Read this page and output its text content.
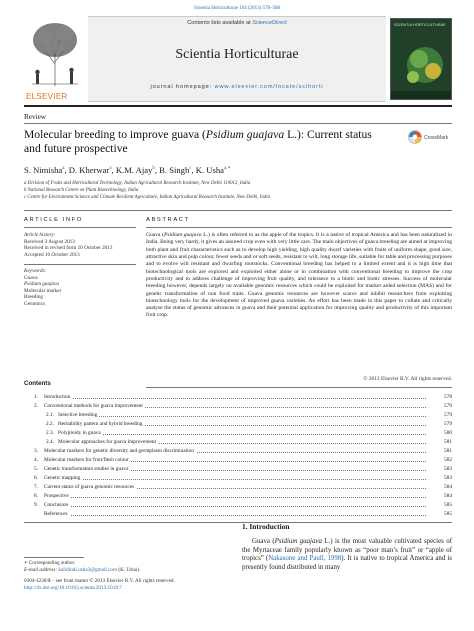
Scientia Horticulturae 164 (2013) 578–588
ELSEVIER
Contents lists available at ScienceDirect
Scientia Horticulturae
journal homepage: www.elsevier.com/locate/scihorti
SCIENTIA HORTICULTURAE
Review
Molecular breeding to improve guava (Psidium guajava L.): Current status and future prospective
CrossMark
S. Nimisha$^a$, D. Kherwar$^a$, K.M. Ajay$^b$, B. Singh$^c$, K. Usha$^{a,∗}$
a Division of Fruits and Horticultural Technology, Indian Agricultural Research Institute, New Delhi 110012, India
b National Research Centre on Plant Biotechnology, India
c Centre for Environment Science and Climate Resilient Agriculture, Indian Agricultural Research Institute, New Delhi, India
ARTICLE INFO	ABSTRACT
Article history:
Received 3 August 2013
Received in revised form 10 October 2013
Accepted 16 October 2013
Keywords:
Guava
Psidium guajava
Molecular marker
Breeding
Genomics
Guava (Psidium guajava L.) is often referred to as the apple of the tropics. It is a native of tropical America and has been naturalized in India. Being very hardy, it gives an assured crop even with very little care. The main objectives of guava breeding are aimed at improving both plant and fruit characteristics such as to develop high yielding, high quality dwarf varieties with fruits of uniform shape, good size, attractive skin and pulp colour, fewer seeds and or soft seeds, resistant to wilt, long storage life, suitable for table and processing purposes and to evolve wilt resistant and dwarfing rootstocks. Conventional breeding has helped to a limited extent and it is high time that biotechnological tools are explored and exploited either alone or in combination with conventional breeding to improve the crop productivity and to address challenge of improving fruit quality, and tolerance to a biotic and biotic stresses. Success of molecular breeding however, depends largely on available genomic resources which could be exploited for marker aided selection (MAS) and for genetic transformation of non food traits. Guava genomic resources are however scarce and inhibit researchers from exploiting biotechnology tools for the development of improved guava varieties. An effort has been made in this paper to collate and critically analyse the status of genomic advances in guava and their potential application for improving quality and productivity of this important fruit crop.
© 2013 Elsevier B.V. All rights reserved.
Contents
1. Introduction	578
2. Conventional methods for guava improvement	579
2.1. Selective breeding	579
2.2. Heritability pattern and hybrid breeding	579
2.3. Polyploidy in guava	580
2.4. Molecular approaches for guava improvement	581
3. Molecular markers for genetic diversity and germplasm discrimination	581
4. Molecular markers for fruit/flesh colour	582
5. Genetic transformation studies in guava	583
6. Genetic mapping	583
7. Current status of guava genomic resources	584
8. Prospective	584
9. Conclusion	585
References	585
∗ Corresponding author.
E-mail address: kalidindi.usha3@gmail.com (K. Usha).
0304-4238/$ – see front matter © 2013 Elsevier B.V. All rights reserved.
http://dx.doi.org/10.1016/j.scienta.2013.10.017
1. Introduction
Guava (Psidium guajava L.) is the most valuable cultivated species of the Myrtaceae family popularly known as “poor man’s fruit” or “apple of tropics” (Nakasone and Paull, 1998). It is native to tropical America and is presently found distributed in many
